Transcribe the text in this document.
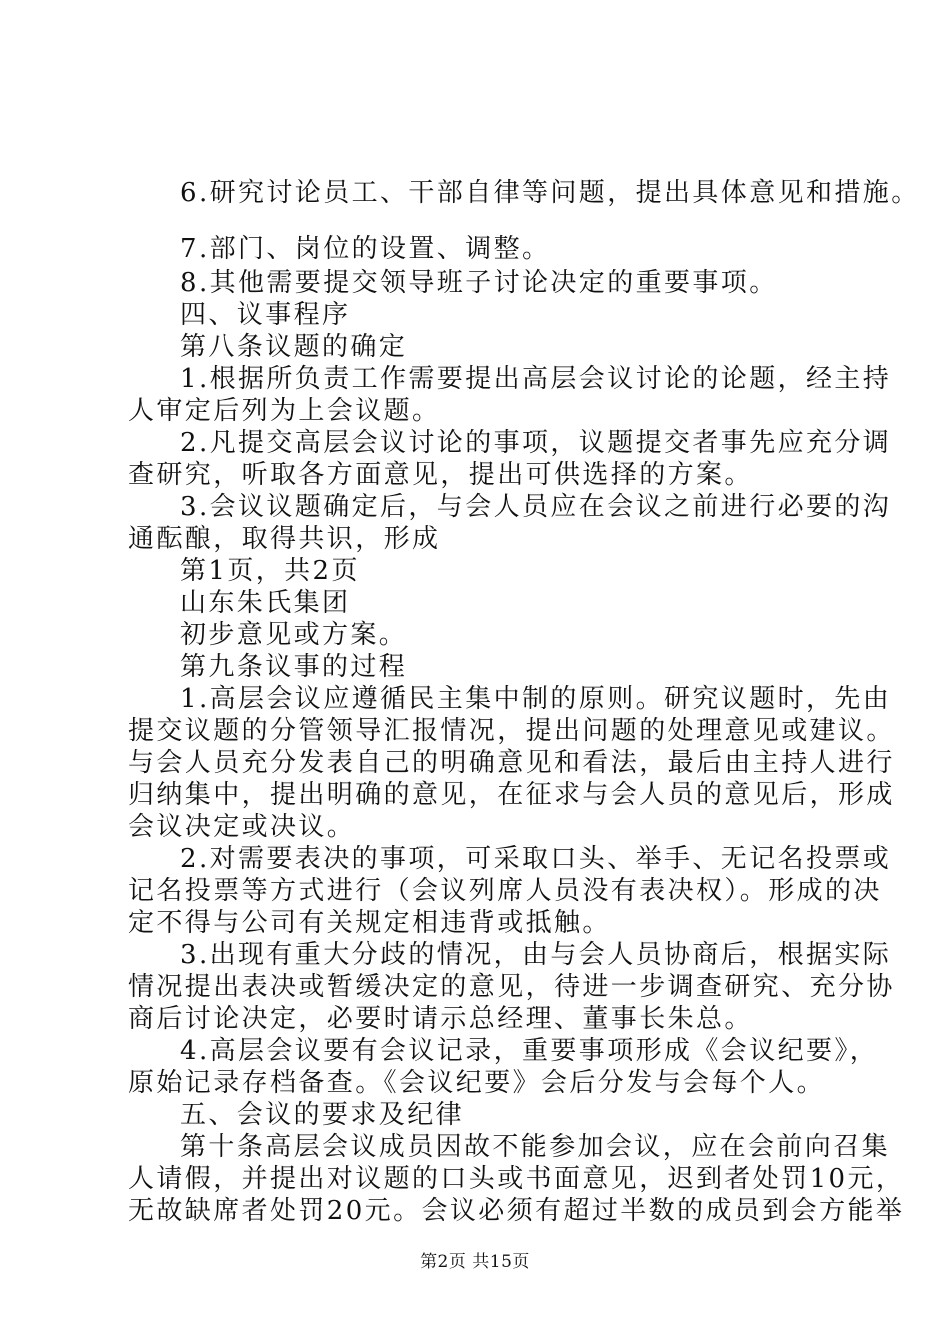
6.研究讨论员工、干部自律等问题，提出具体意见和措施。
7.部门、岗位的设置、调整。
8.其他需要提交领导班子讨论决定的重要事项。
四、议事程序
第八条议题的确定
1.根据所负责工作需要提出高层会议讨论的论题，经主持
人审定后列为上会议题。
2.凡提交高层会议讨论的事项，议题提交者事先应充分调
查研究，听取各方面意见，提出可供选择的方案。
3.会议议题确定后，与会人员应在会议之前进行必要的沟
通酝酿，取得共识，形成
第1页，共2页
山东朱氏集团
初步意见或方案。
第九条议事的过程
1.高层会议应遵循民主集中制的原则。研究议题时，先由
提交议题的分管领导汇报情况，提出问题的处理意见或建议。
与会人员充分发表自己的明确意见和看法，最后由主持人进行
归纳集中，提出明确的意见，在征求与会人员的意见后，形成
会议决定或决议。
2.对需要表决的事项，可采取口头、举手、无记名投票或
记名投票等方式进行（会议列席人员没有表决权）。形成的决
定不得与公司有关规定相违背或抵触。
3.出现有重大分歧的情况，由与会人员协商后，根据实际
情况提出表决或暂缓决定的意见，待进一步调查研究、充分协
商后讨论决定，必要时请示总经理、董事长朱总。
4.高层会议要有会议记录，重要事项形成《会议纪要》，
原始记录存档备查。《会议纪要》会后分发与会每个人。
五、会议的要求及纪律
第十条高层会议成员因故不能参加会议，应在会前向召集
人请假，并提出对议题的口头或书面意见，迟到者处罚10元，
无故缺席者处罚20元。会议必须有超过半数的成员到会方能举
第2页 共15页
